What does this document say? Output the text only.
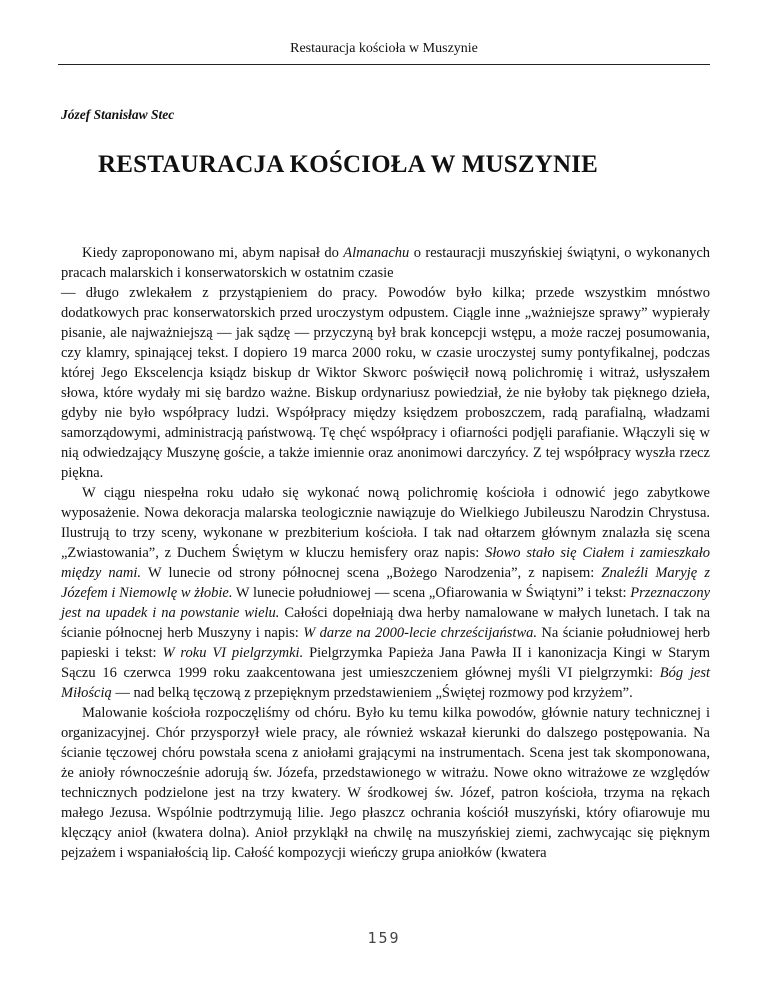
Restauracja kościoła w Muszynie
Józef Stanisław Stec
RESTAURACJA KOŚCIOŁA W MUSZYNIE

Kiedy zaproponowano mi, abym napisał do Almanachu o restauracji muszyńskiej świątyni, o wykonanych pracach malarskich i konserwatorskich w ostatnim czasie

— długo zwlekałem z przystąpieniem do pracy. Powodów było kilka; przede wszystkim mnóstwo dodatkowych prac konserwatorskich przed uroczystym odpustem. Ciągle inne „ważniejsze sprawy” wypierały pisanie, ale najważniejszą — jak sądzę — przyczyną był brak koncepcji wstępu, a może raczej posumowania, czy klamry, spinającej tekst. I dopiero 19 marca 2000 roku, w czasie uroczystej sumy pontyfikalnej, podczas której Jego Ekscelencja ksiądz biskup dr Wiktor Skworc poświęcił nową polichromię i witraż, usłyszałem słowa, które wydały mi się bardzo ważne. Biskup ordynariusz powiedział, że nie byłoby tak pięknego dzieła, gdyby nie było współpracy ludzi. Współpracy między księdzem proboszczem, radą parafialną, władzami samorządowymi, administracją państwową. Tę chęć współpracy i ofiarności podjęli parafianie. Włączyli się w nią odwiedzający Muszynę goście, a także imiennie oraz anonimowi darczyńcy. Z tej współpracy wyszła rzecz piękna.

W ciągu niespełna roku udało się wykonać nową polichromię kościoła i odnowić jego zabytkowe wyposażenie. Nowa dekoracja malarska teologicznie nawiązuje do Wielkiego Jubileuszu Narodzin Chrystusa. Ilustrują to trzy sceny, wykonane w prezbiterium kościoła. I tak nad ołtarzem głównym znalazła się scena „Zwiastowania”, z Duchem Świętym w kluczu hemisfery oraz napis: Słowo stało się Ciałem i zamieszkało między nami. W lunecie od strony północnej scena „Bożego Narodzenia”, z napisem: Znaleźli Maryję z Józefem i Niemowlę w żłobie. W lunecie południowej — scena „Ofiarowania w Świątyni” i tekst: Przeznaczony jest na upadek i na powstanie wielu. Całości dopełniają dwa herby namalowane w małych lunetach. I tak na ścianie północnej herb Muszyny i napis: W darze na 2000-lecie chrześcijaństwa. Na ścianie południowej herb papieski i tekst: W roku VI pielgrzymki. Pielgrzymka Papieża Jana Pawła II i kanonizacja Kingi w Starym Sączu 16 czerwca 1999 roku zaakcentowana jest umieszczeniem głównej myśli VI pielgrzymki: Bóg jest Miłością — nad belką tęczową z przepięknym przedstawieniem „Świętej rozmowy pod krzyżem”.

Malowanie kościoła rozpoczęliśmy od chóru. Było ku temu kilka powodów, głównie natury technicznej i organizacyjnej. Chór przysporzył wiele pracy, ale również wskazał kierunki do dalszego postępowania. Na ścianie tęczowej chóru powstała scena z aniołami grającymi na instrumentach. Scena jest tak skomponowana, że anioły równocześnie adorują św. Józefa, przedstawionego w witrażu. Nowe okno witrażowe ze względów technicznych podzielone jest na trzy kwatery. W środkowej św. Józef, patron kościoła, trzyma na rękach małego Jezusa. Wspólnie podtrzymują lilie. Jego płaszcz ochrania kościół muszyński, który ofiarowuje mu klęczący anioł (kwatera dolna). Anioł przykląkł na chwilę na muszyńskiej ziemi, zachwycając się pięknym pejzażem i wspaniałością lip. Całość kompozycji wieńczy grupa aniołków (kwatera

159
